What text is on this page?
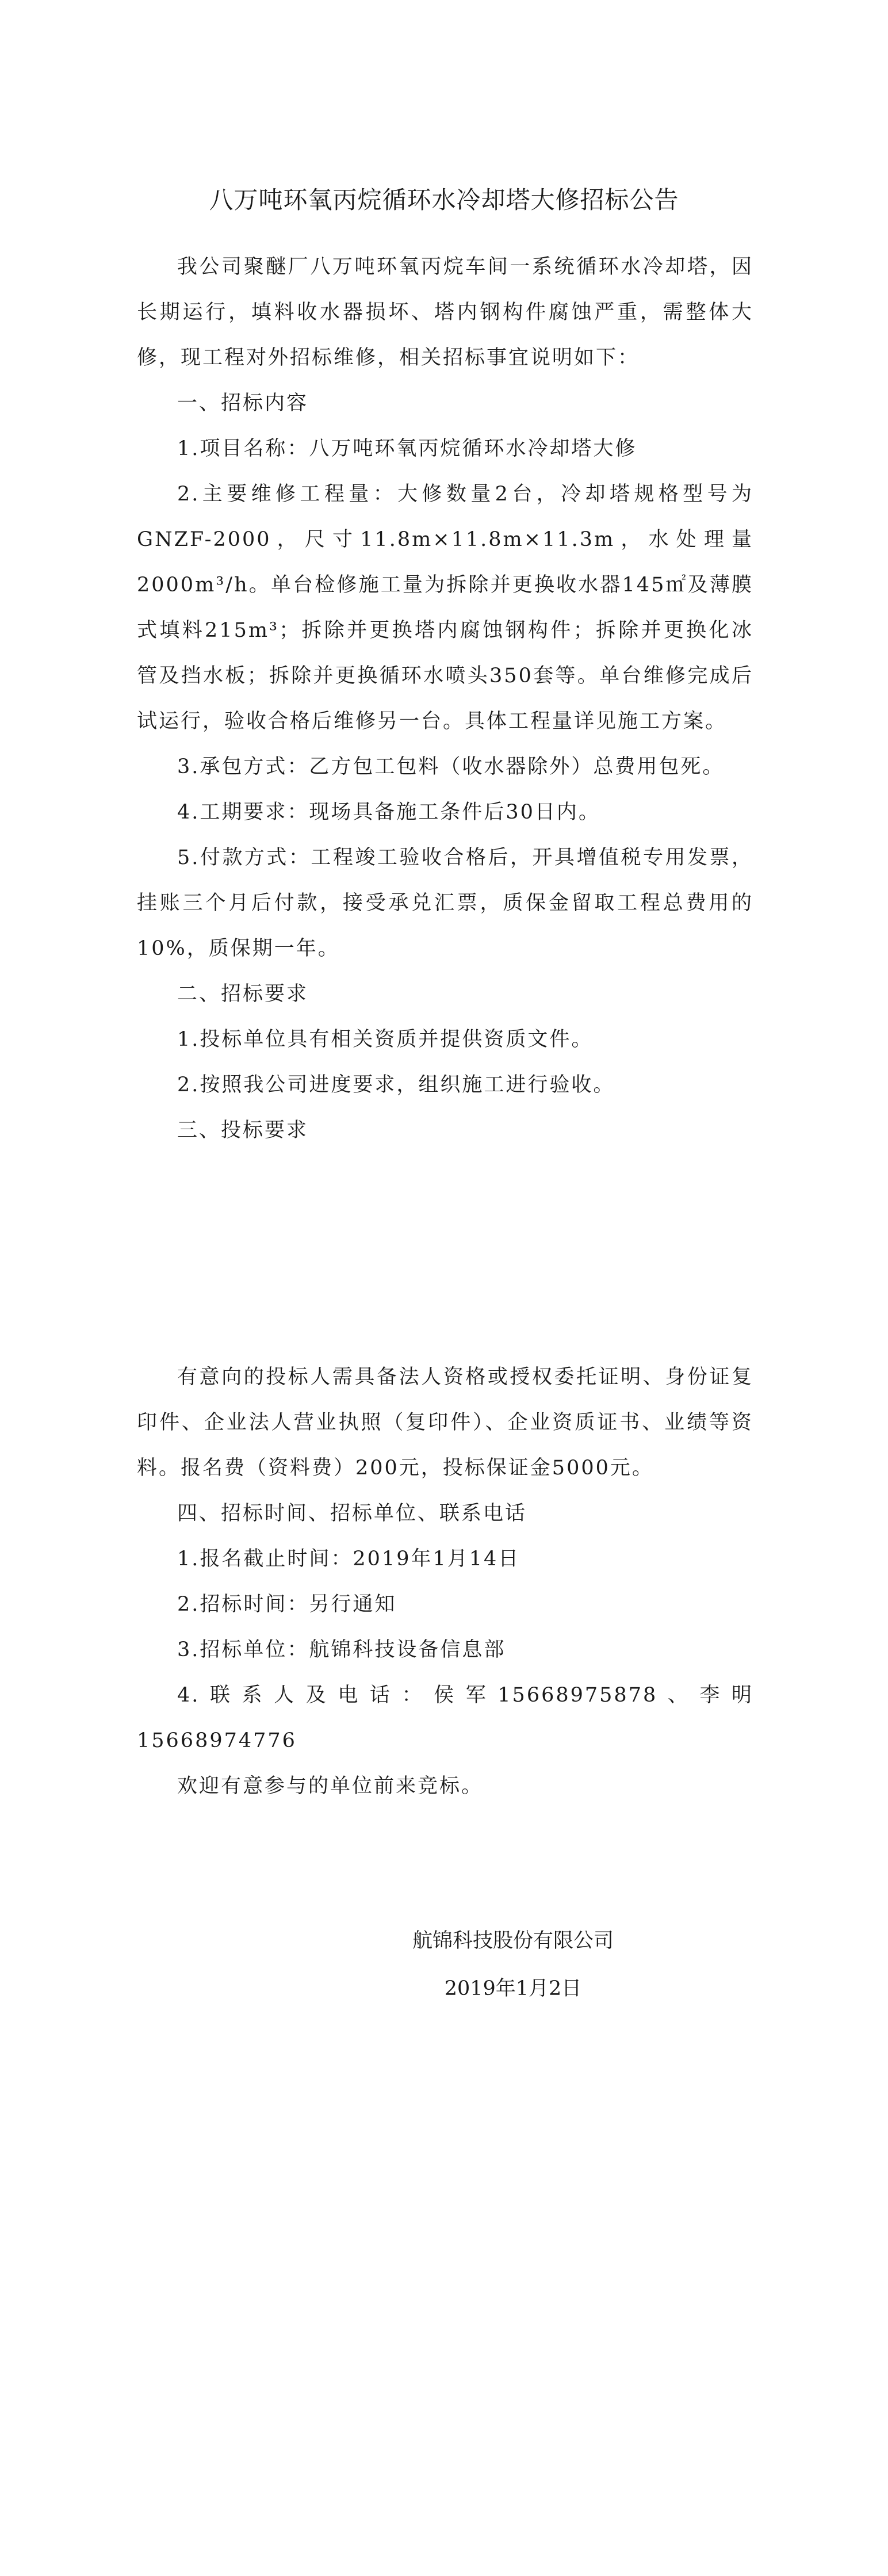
八万吨环氧丙烷循环水冷却塔大修招标公告

我公司聚醚厂八万吨环氧丙烷车间一系统循环水冷却塔，因长期运行，填料收水器损坏、塔内钢构件腐蚀严重，需整体大修，现工程对外招标维修，相关招标事宜说明如下：

一、招标内容

1.项目名称：八万吨环氧丙烷循环水冷却塔大修

2.主要维修工程量：大修数量2台，冷却塔规格型号为GNZF-2000，尺寸11.8m×11.8m×11.3m，水处理量2000m³/h。单台检修施工量为拆除并更换收水器145㎡及薄膜式填料215m³；拆除并更换塔内腐蚀钢构件；拆除并更换化冰管及挡水板；拆除并更换循环水喷头350套等。单台维修完成后试运行，验收合格后维修另一台。具体工程量详见施工方案。

3.承包方式：乙方包工包料（收水器除外）总费用包死。

4.工期要求：现场具备施工条件后30日内。

5.付款方式：工程竣工验收合格后，开具增值税专用发票，挂账三个月后付款，接受承兑汇票，质保金留取工程总费用的10%，质保期一年。

二、招标要求

1.投标单位具有相关资质并提供资质文件。

2.按照我公司进度要求，组织施工进行验收。

三、投标要求

有意向的投标人需具备法人资格或授权委托证明、身份证复印件、企业法人营业执照（复印件）、企业资质证书、业绩等资料。报名费（资料费）200元，投标保证金5000元。

四、招标时间、招标单位、联系电话

1.报名截止时间：2019年1月14日

2.招标时间：另行通知

3.招标单位：航锦科技设备信息部

4.联系人及电话：侯军15668975878、李明15668974776

欢迎有意参与的单位前来竞标。

航锦科技股份有限公司
2019年1月2日
